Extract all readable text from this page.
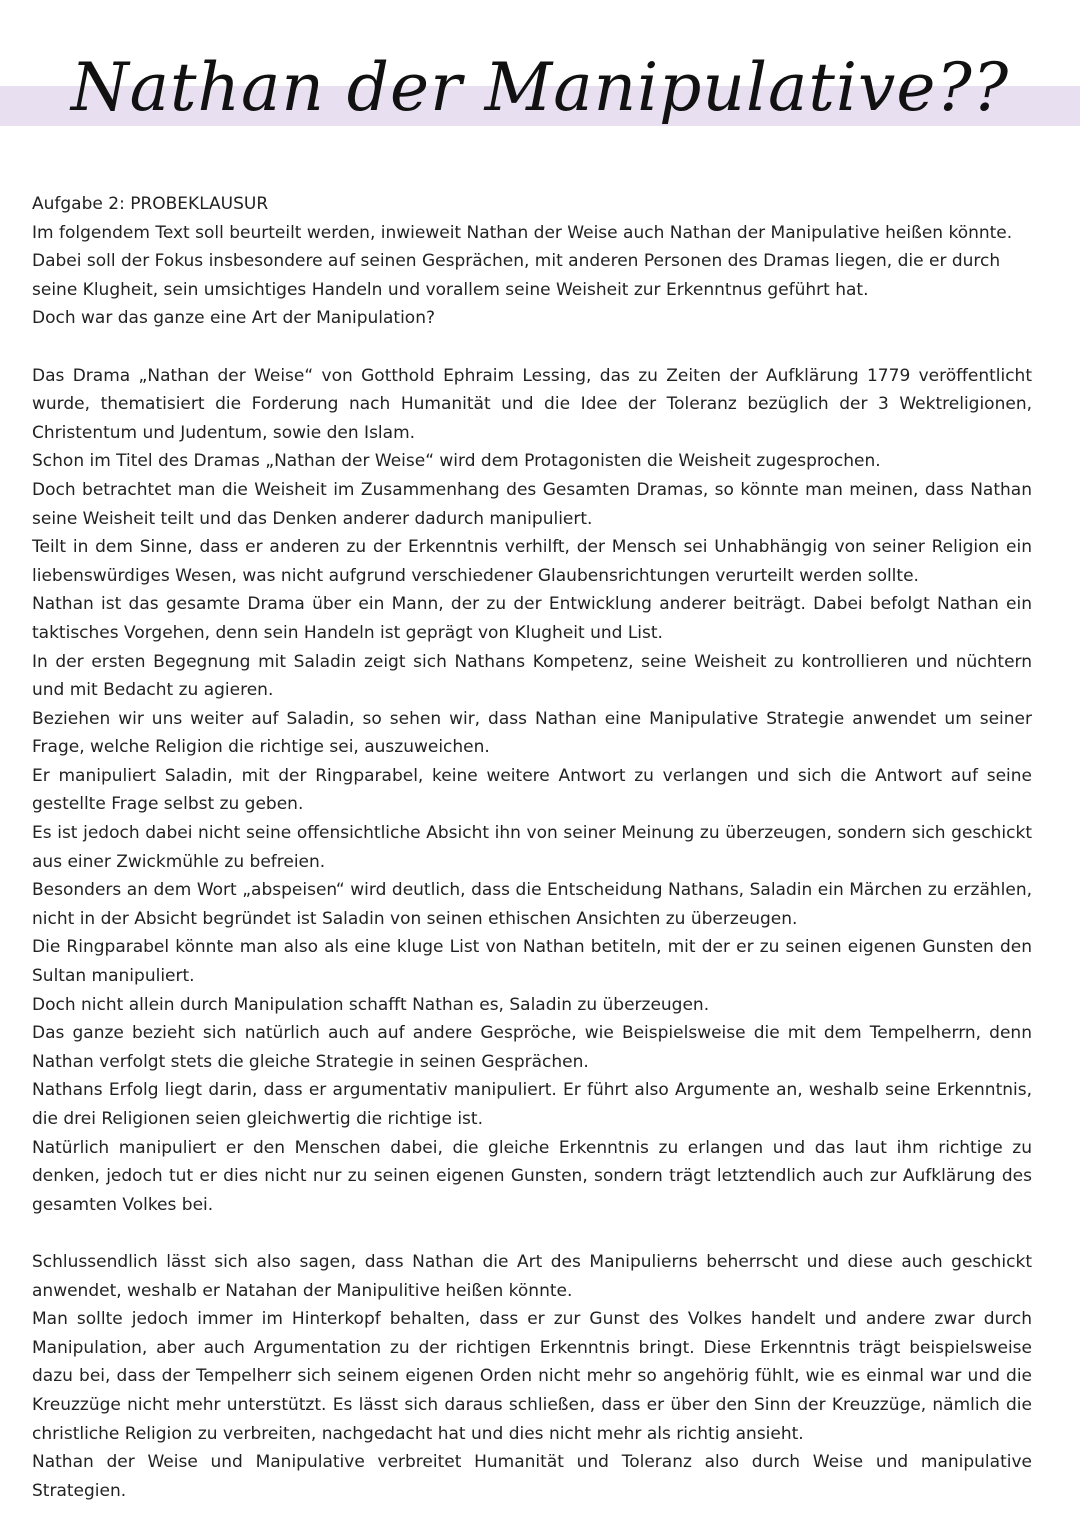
Nathan der Manipulative??

Aufgabe 2: PROBEKLAUSUR

Im folgendem Text soll beurteilt werden, inwieweit Nathan der Weise auch Nathan der Manipulative heißen könnte.

Dabei soll der Fokus insbesondere auf seinen Gesprächen, mit anderen Personen des Dramas liegen, die er durch seine Klugheit, sein umsichtiges Handeln und vorallem seine Weisheit zur Erkenntnus geführt hat.

Doch war das ganze eine Art der Manipulation?

Das Drama „Nathan der Weise“ von Gotthold Ephraim Lessing, das zu Zeiten der Aufklärung 1779 veröffentlicht wurde, thematisiert die Forderung nach Humanität und die Idee der Toleranz bezüglich der 3 Wektreligionen, Christentum und Judentum, sowie den Islam.

Schon im Titel des Dramas „Nathan der Weise“ wird dem Protagonisten die Weisheit zugesprochen.

Doch betrachtet man die Weisheit im Zusammenhang des Gesamten Dramas, so könnte man meinen, dass Nathan seine Weisheit teilt und das Denken anderer dadurch manipuliert.

Teilt in dem Sinne, dass er anderen zu der Erkenntnis verhilft, der Mensch sei Unhabhängig von seiner Religion ein liebenswürdiges Wesen, was nicht aufgrund verschiedener Glaubensrichtungen verurteilt werden sollte.

Nathan ist das gesamte Drama über ein Mann, der zu der Entwicklung anderer beiträgt. Dabei befolgt Nathan ein taktisches Vorgehen, denn sein Handeln ist geprägt von Klugheit und List.

In der ersten Begegnung mit Saladin zeigt sich Nathans Kompetenz, seine Weisheit zu kontrollieren und nüchtern und mit Bedacht zu agieren.

Beziehen wir uns weiter auf Saladin, so sehen wir, dass Nathan eine Manipulative Strategie anwendet um seiner Frage, welche Religion die richtige sei, auszuweichen.

Er manipuliert Saladin, mit der Ringparabel, keine weitere Antwort zu verlangen und sich die Antwort auf seine gestellte Frage selbst zu geben.

Es ist jedoch dabei nicht seine offensichtliche Absicht ihn von seiner Meinung zu überzeugen, sondern sich geschickt aus einer Zwickmühle zu befreien.

Besonders an dem Wort „abspeisen“ wird deutlich, dass die Entscheidung Nathans, Saladin ein Märchen zu erzählen, nicht in der Absicht begründet ist Saladin von seinen ethischen Ansichten zu überzeugen.

Die Ringparabel könnte man also als eine kluge List von Nathan betiteln, mit der er zu seinen eigenen Gunsten den Sultan manipuliert.

Doch nicht allein durch Manipulation schafft Nathan es, Saladin zu überzeugen.

Das ganze bezieht sich natürlich auch auf andere Gespröche, wie Beispielsweise die mit dem Tempelherrn, denn Nathan verfolgt stets die gleiche Strategie in seinen Gesprächen.

Nathans Erfolg liegt darin, dass er argumentativ manipuliert. Er führt also Argumente an, weshalb seine Erkenntnis, die drei Religionen seien gleichwertig die richtige ist.

Natürlich manipuliert er den Menschen dabei, die gleiche Erkenntnis zu erlangen und das laut ihm richtige zu denken, jedoch tut er dies nicht nur zu seinen eigenen Gunsten, sondern trägt letztendlich auch zur Aufklärung des gesamten Volkes bei.

Schlussendlich lässt sich also sagen, dass Nathan die Art des Manipulierns beherrscht und diese auch geschickt anwendet, weshalb er Natahan der Manipulitive heißen könnte.

Man sollte jedoch immer im Hinterkopf behalten, dass er zur Gunst des Volkes handelt und andere zwar durch Manipulation, aber auch Argumentation zu der richtigen Erkenntnis bringt. Diese Erkenntnis trägt beispielsweise dazu bei, dass der Tempelherr sich seinem eigenen Orden nicht mehr so angehörig fühlt, wie es einmal war und die Kreuzzüge nicht mehr unterstützt. Es lässt sich daraus schließen, dass er über den Sinn der Kreuzzüge, nämlich die christliche Religion zu verbreiten, nachgedacht hat und dies nicht mehr als richtig ansieht.

Nathan der Weise und Manipulative verbreitet Humanität und Toleranz also durch Weise und manipulative Strategien.
